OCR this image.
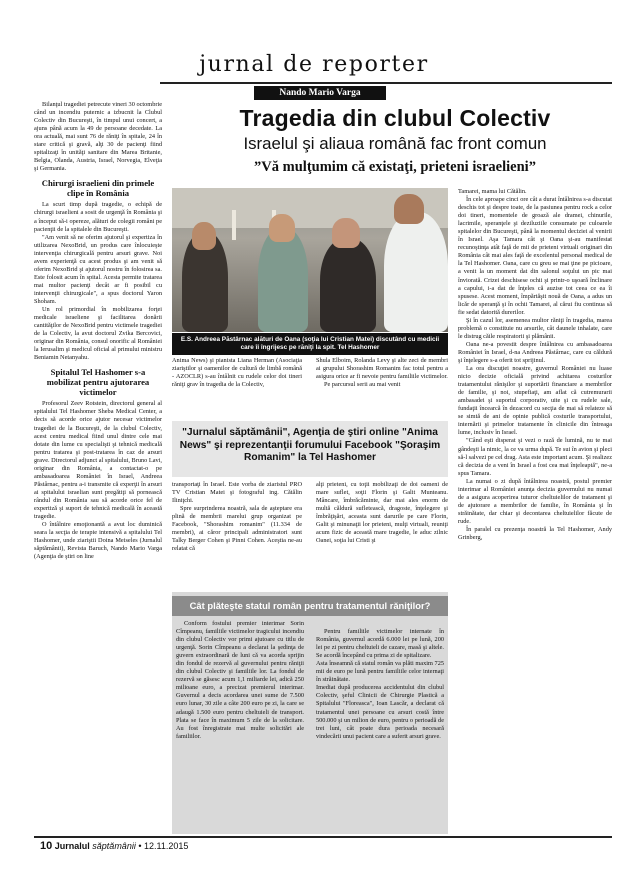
jurnal de reporter
Nando Mario Varga
Tragedia din clubul Colectiv
Israelul şi aliaua română fac front comun
”Vă mulţumim că existaţi, prieteni israelieni”

Bilanţul tragediei petrecute vineri 30 octombrie când un incendiu puternic a izbucnit la Clubul Colectiv din Bucureşti, în timpul unui concert, a ajuns până acum la 49 de persoane decedate. La ora actuală, mai sunt 76 de răniţi în spitale, 24 în stare critică şi gravă, alţi 30 de pacienţi fiind spitalizaţi în unităţi sanitare din Marea Britanie, Belgia, Olanda, Austria, Israel, Norvegia, Elveţia şi Germania.

Chirurgi israelieni din primele clipe în România

La scurt timp după tragedie, o echipă de chirurgi israelieni a sosit de urgenţă în România şi a început să-i opereze, alături de colegii români pe pacienţii de la spitalele din Bucureşti.

"Am venit să ne oferim ajutorul şi expertiza în utilizarea NexoBrid, un produs care înlocuieşte intervenţia chirurgicală pentru arsuri grave. Noi avem experienţă cu acest produs şi am venit să oferim NexoBrid şi ajutorul nostru în folosirea sa. Este folosit acum în spital. Acesta permite tratarea mai multor pacienţi decât ar fi posibil cu intervenţii chirurgicale", a spus doctorul Yaron Shoham.

Un rol primordial în mobilizarea forţei medicale israeliene şi facilitarea donării cantităţilor de NexoBrid pentru victimele tragediei de la Colectiv, la avut doctorul Zvika Bercovici, originar din România, consul onorific al României la Ierusalim şi medicul oficial al primului ministru Beniamin Netanyahu.

Spitalul Tel Hashomer s-a mobilizat pentru ajutorarea victimelor

Profesorul Zeev Rotstein, directorul general al spitalului Tel Hashomer Sheba Medical Center, a decis să acorde orice ajutor necesar victimelor tragediei de la Bucureşti, de la clubul Colectiv, acest centru medical fiind unul dintre cele mai dotate din lume cu specialişti şi tehnică medicală pentru tratarea şi post-tratarea în caz de arsuri grave. Directorul adjunct al spitalului, Bruno Lavi, originar din România, a contactat-o pe ambasadoarea României în Israel, Andreea Păstârnac, pentru a-i transmite că experţii în arsuri ai spitalului israelian sunt pregătiţi să pornească rândul din România sau să acorde orice fel de expertiză şi suport de tehnică medicală în această tragedie.

O întâlnire emoţionantă a avut loc duminică seara la secţia de terapie intensivă a spitalului Tel Hashomer, unde ziariştii Doina Meiseles (Jurnalul săptămânii), Revista Baruch, Nando Mario Varga (Agenţia de ştiri on line

E.S. Andreea Păstârnac alături de Oana (soţia lui Cristian Matei) discutând cu medicii care îi îngrijesc pe răniţi la spit. Tel Hashomer

Anima News) şi pianista Liana Herman (Asociaţia ziariştilor şi oamenilor de cultură de limbă română - AZOCLR) s-au întâlnit cu rudele celor doi tineri răniţi grav în tragedia de la Colectiv,

Shula Elboim, Rolanda Levy şi alte zeci de membri ai grupului Shorashim Romanim fac totul pentru a asigura orice ar fi nevoie pentru familiile victimelor.

Pe parcursul serii au mai venit

"Jurnalul săptămânii", Agenţia de ştiri online "Anima News" şi reprezentanţii forumului Facebook "Şoraşim Romanim" la Tel Hashomer

transportaţi în Israel. Este vorba de ziaristul PRO TV Cristian Matei şi fotograful ing. Cătălin Iliniţchi.

Spre surprinderea noastră, sala de aşteptare era plină de membrii marelui grup organizat pe Facebook, "Shorashim romanim" (11.334 de membri), ai căror principali administratori sunt Talky Berger Cohen şi Pinni Cohen. Aceştia ne-au relatat că

alţi prieteni, cu toţii mobilizaţi de doi oameni de mare suflet, soţii Florin şi Galit Munteanu. Mâncare, îmbrăcăminte, dar mai ales enorm de multă căldură sufletească, dragoste, înţelegere şi îmbrăţişări, aceasta sunt darurile pe care Florin, Galit şi minunaţii lor prieteni, mulţi virtuali, reuniţi acum fizic de această mare tragedie, le aduc zilnic Oanei, soţia lui Cristi şi

Tamarei, mama lui Cătălin.

În cele aproape cinci ore cât a durat întâlnirea s-a discutat deschis tot şi despre toate, de la pasiunea pentru rock a celor doi tineri, momentele de groază ale dramei, chinurile, lacrimile, speranţele şi deziluziile consumate pe culoarele spitalelor din Bucureşti, până la momentul deciziei al venirii în Israel. Aşa Tamara cât şi Oana şi-au manifestat recunoştinţa atât faţă de mii de prieteni virtuali originari din România cât mai ales faţă de excelentul personal medical de la Tel Hashomer. Oana, care cu greu se mai ţine pe picioare, a venit la un moment dat din salonul soţului un pic mai înviorată. Crizei deschisese ochii şi printr-o uşoară înclinare a capului, i-a dat de înţeles că auzise tot ceea ce ea îi spusese. Acest moment, împărtăşit nouă de Oana, a adus un licăr de speranţă şi în ochii Tamarei, al cărui fiu continua să fie sedat datorită durerilor.

Şi în cazul lor, asemenea multor răniţi în tragedia, marea problemă o constituie nu arsurile, cât daunele inhalate, care le distrug căile respiratorii şi plămânii.

Oana ne-a povestit despre întâlnirea cu ambasadoarea României în Israel, d-na Andreea Păstârnac, care cu căldură şi înţelegere s-a oferit tot sprijinul.

La ora discuţiei noastre, guvernul României nu luase nicio decizie oficială privind achitarea costurilor tratamentului rănişilor şi suportării financiare a membrilor de familie, şi noi, stupefiaţi, am aflat că cutremurarii ambasadei şi suportul corporativ, uite şi cu rudele sale, fundaţii încearcă în dezacord cu secţia de mai să relateze să se simtă de ani de opinie publică costurile transportului, internării şi primelor tratamente în clinicile din întreaga lume, inclusiv în Israel.

"Când eşti disperat şi vezi o rază de lumină, nu te mai gândeşti la nimic, la ce va urma după. Te sui în avion şi pleci să-l salvezi pe cel drag. Asta este important acum. Şi realizez că decizia de a veni în Israel a fost cea mai înţeleaptă", ne-a spus Tamara.

La numai o zi după întâlnirea noastră, postul premier interimar al României anunţa decizia guvernului nu numai de a asigura acoperirea tuturor cheltuielilor de tratament şi de ajutorare a membrilor de familie, în România şi în străinătate, dar chiar şi decontarea cheltuielilor făcute de rude.

În paralel cu prezenţa noastră la Tel Hashomer, Andy Grinberg,

Cât plăteşte statul român pentru tratamentul răniţilor?

Conform fostului premier interimar Sorin Cîmpeanu, familiile victimelor tragicului incendiu din clubul Colectiv vor primi ajutoare cu titlu de urgenţă. Sorin Cîmpeanu a declarat la şedinţa de guvern extraordinară de luni că va acorda sprijin din fondul de rezervă al guvernului pentru răniţii din clubul Colectiv şi familiile lor. La fondul de rezervă se găsesc acum 1,1 miliarde lei, adică 250 milioane euro, a precizat premierul interimar. Guvernul a decis acordarea unei sume de 7.500 euro lunar, 30 zile a câte 200 euro pe zi, la care se adaugă 1.500 euro pentru cheltuieli de transport. Plata se face în maximum 5 zile de la solicitare. Au fost înregistrate mai multe solicitări ale familiilor.

Pentru familiile victimelor internate în România, guvernul acordă 6.000 lei pe lună, 200 lei pe zi pentru cheltuieli de cazare, masă şi altele. Se acordă începând cu prima zi de spitalizare.
Asta înseamnă că statul român va plăti maxim 725 mii de euro pe lună pentru familiile celor internaţi în străinătate.
Imediat după producerea accidentului din clubul Colectiv, şeful Clinicii de Chirurgie Plastică a Spitalului "Floreasca", Ioan Lascăr, a declarat că tratamentul unei persoane cu arsuri costă între 500.000 şi un milion de euro, pentru o perioadă de trei luni, cât poate dura perioada necesară vindecării unui pacient care a suferit arsuri grave.

10 Jurnalul săptămânii • 12.11.2015
